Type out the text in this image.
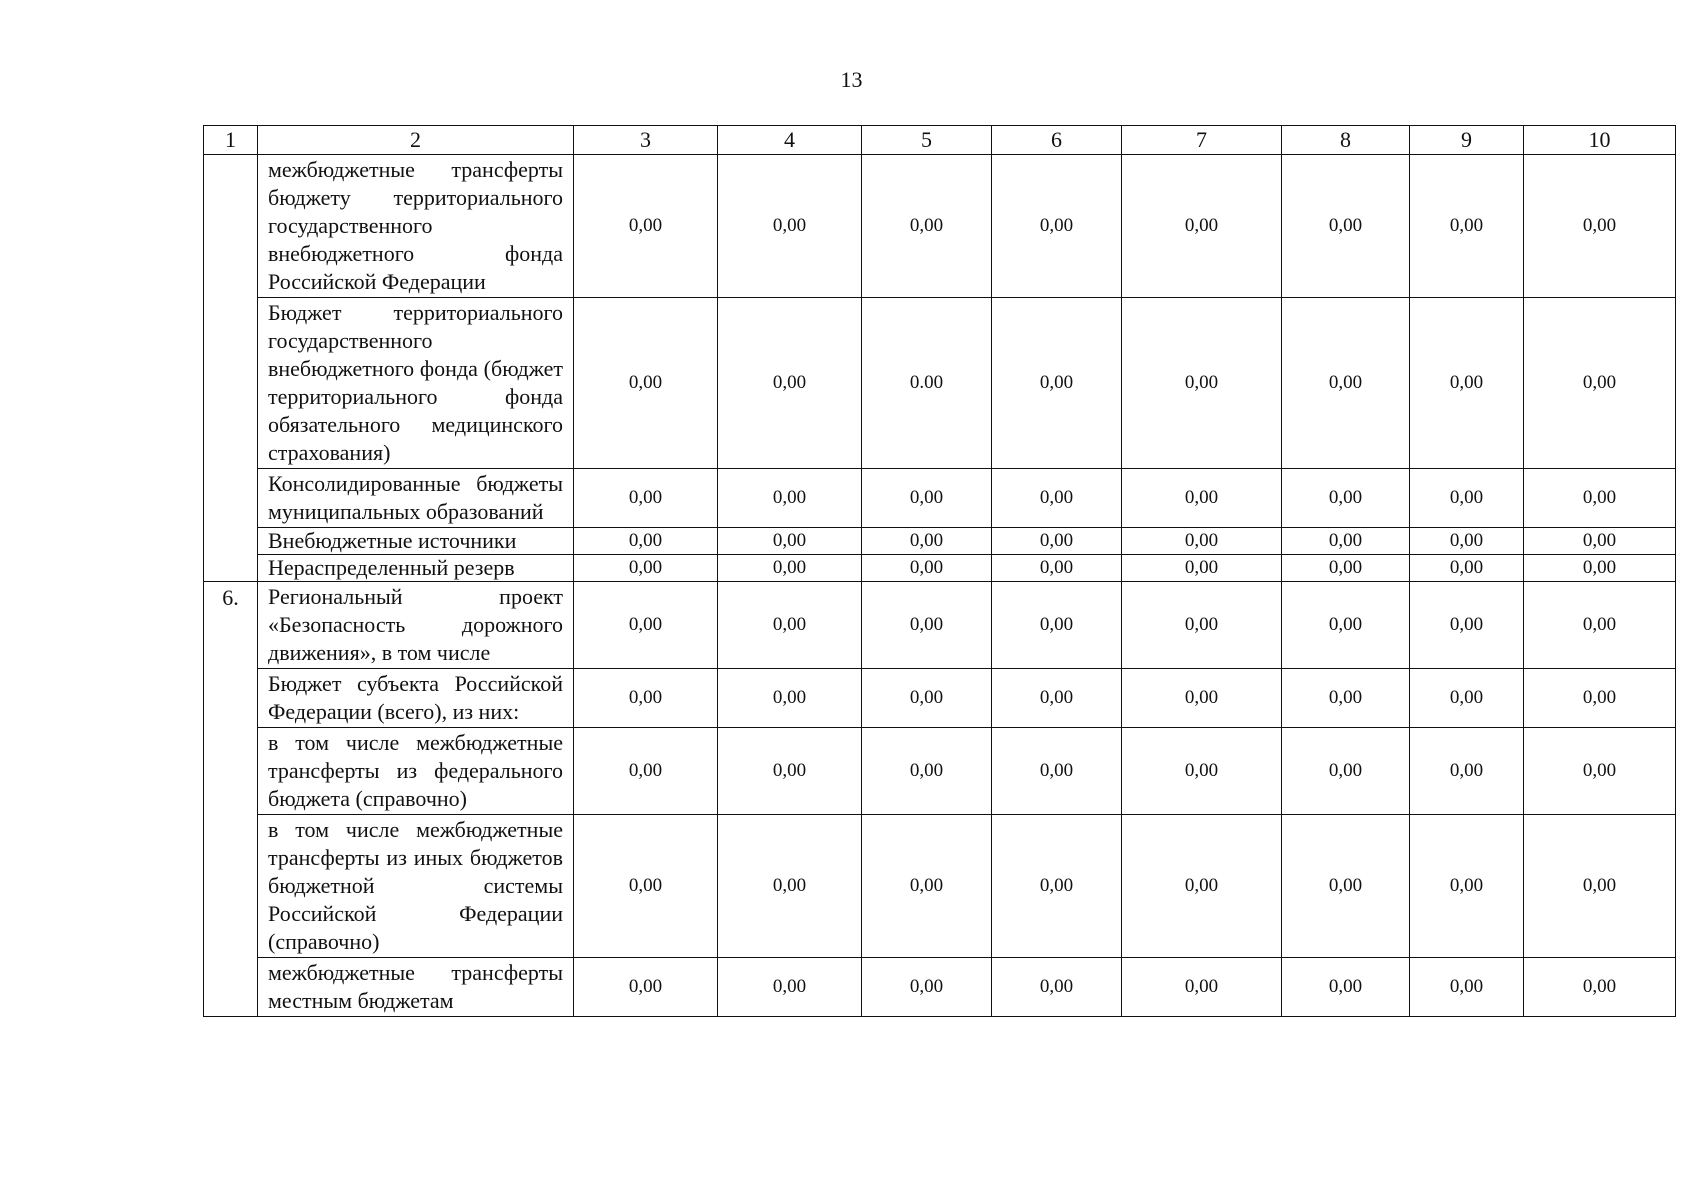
13
1	2	3	4	5	6	7	8	9	10
	межбюджетные трансферты бюджету территориального государственного внебюджетного фонда Российской Федерации	0,00	0,00	0,00	0,00	0,00	0,00	0,00	0,00
	Бюджет территориального государственного внебюджетного фонда (бюджет территориального фонда обязательного медицинского страхования)	0,00	0,00	0.00	0,00	0,00	0,00	0,00	0,00
	Консолидированные бюджеты муниципальных образований	0,00	0,00	0,00	0,00	0,00	0,00	0,00	0,00
	Внебюджетные источники	0,00	0,00	0,00	0,00	0,00	0,00	0,00	0,00
	Нераспределенный резерв	0,00	0,00	0,00	0,00	0,00	0,00	0,00	0,00
6.	Региональный проект «Безопасность дорожного движения», в том числе	0,00	0,00	0,00	0,00	0,00	0,00	0,00	0,00
	Бюджет субъекта Российской Федерации (всего), из них:	0,00	0,00	0,00	0,00	0,00	0,00	0,00	0,00
	в том числе межбюджетные трансферты из федерального бюджета (справочно)	0,00	0,00	0,00	0,00	0,00	0,00	0,00	0,00
	в том числе межбюджетные трансферты из иных бюджетов бюджетной системы Российской Федерации (справочно)	0,00	0,00	0,00	0,00	0,00	0,00	0,00	0,00
	межбюджетные трансферты местным бюджетам	0,00	0,00	0,00	0,00	0,00	0,00	0,00	0,00
